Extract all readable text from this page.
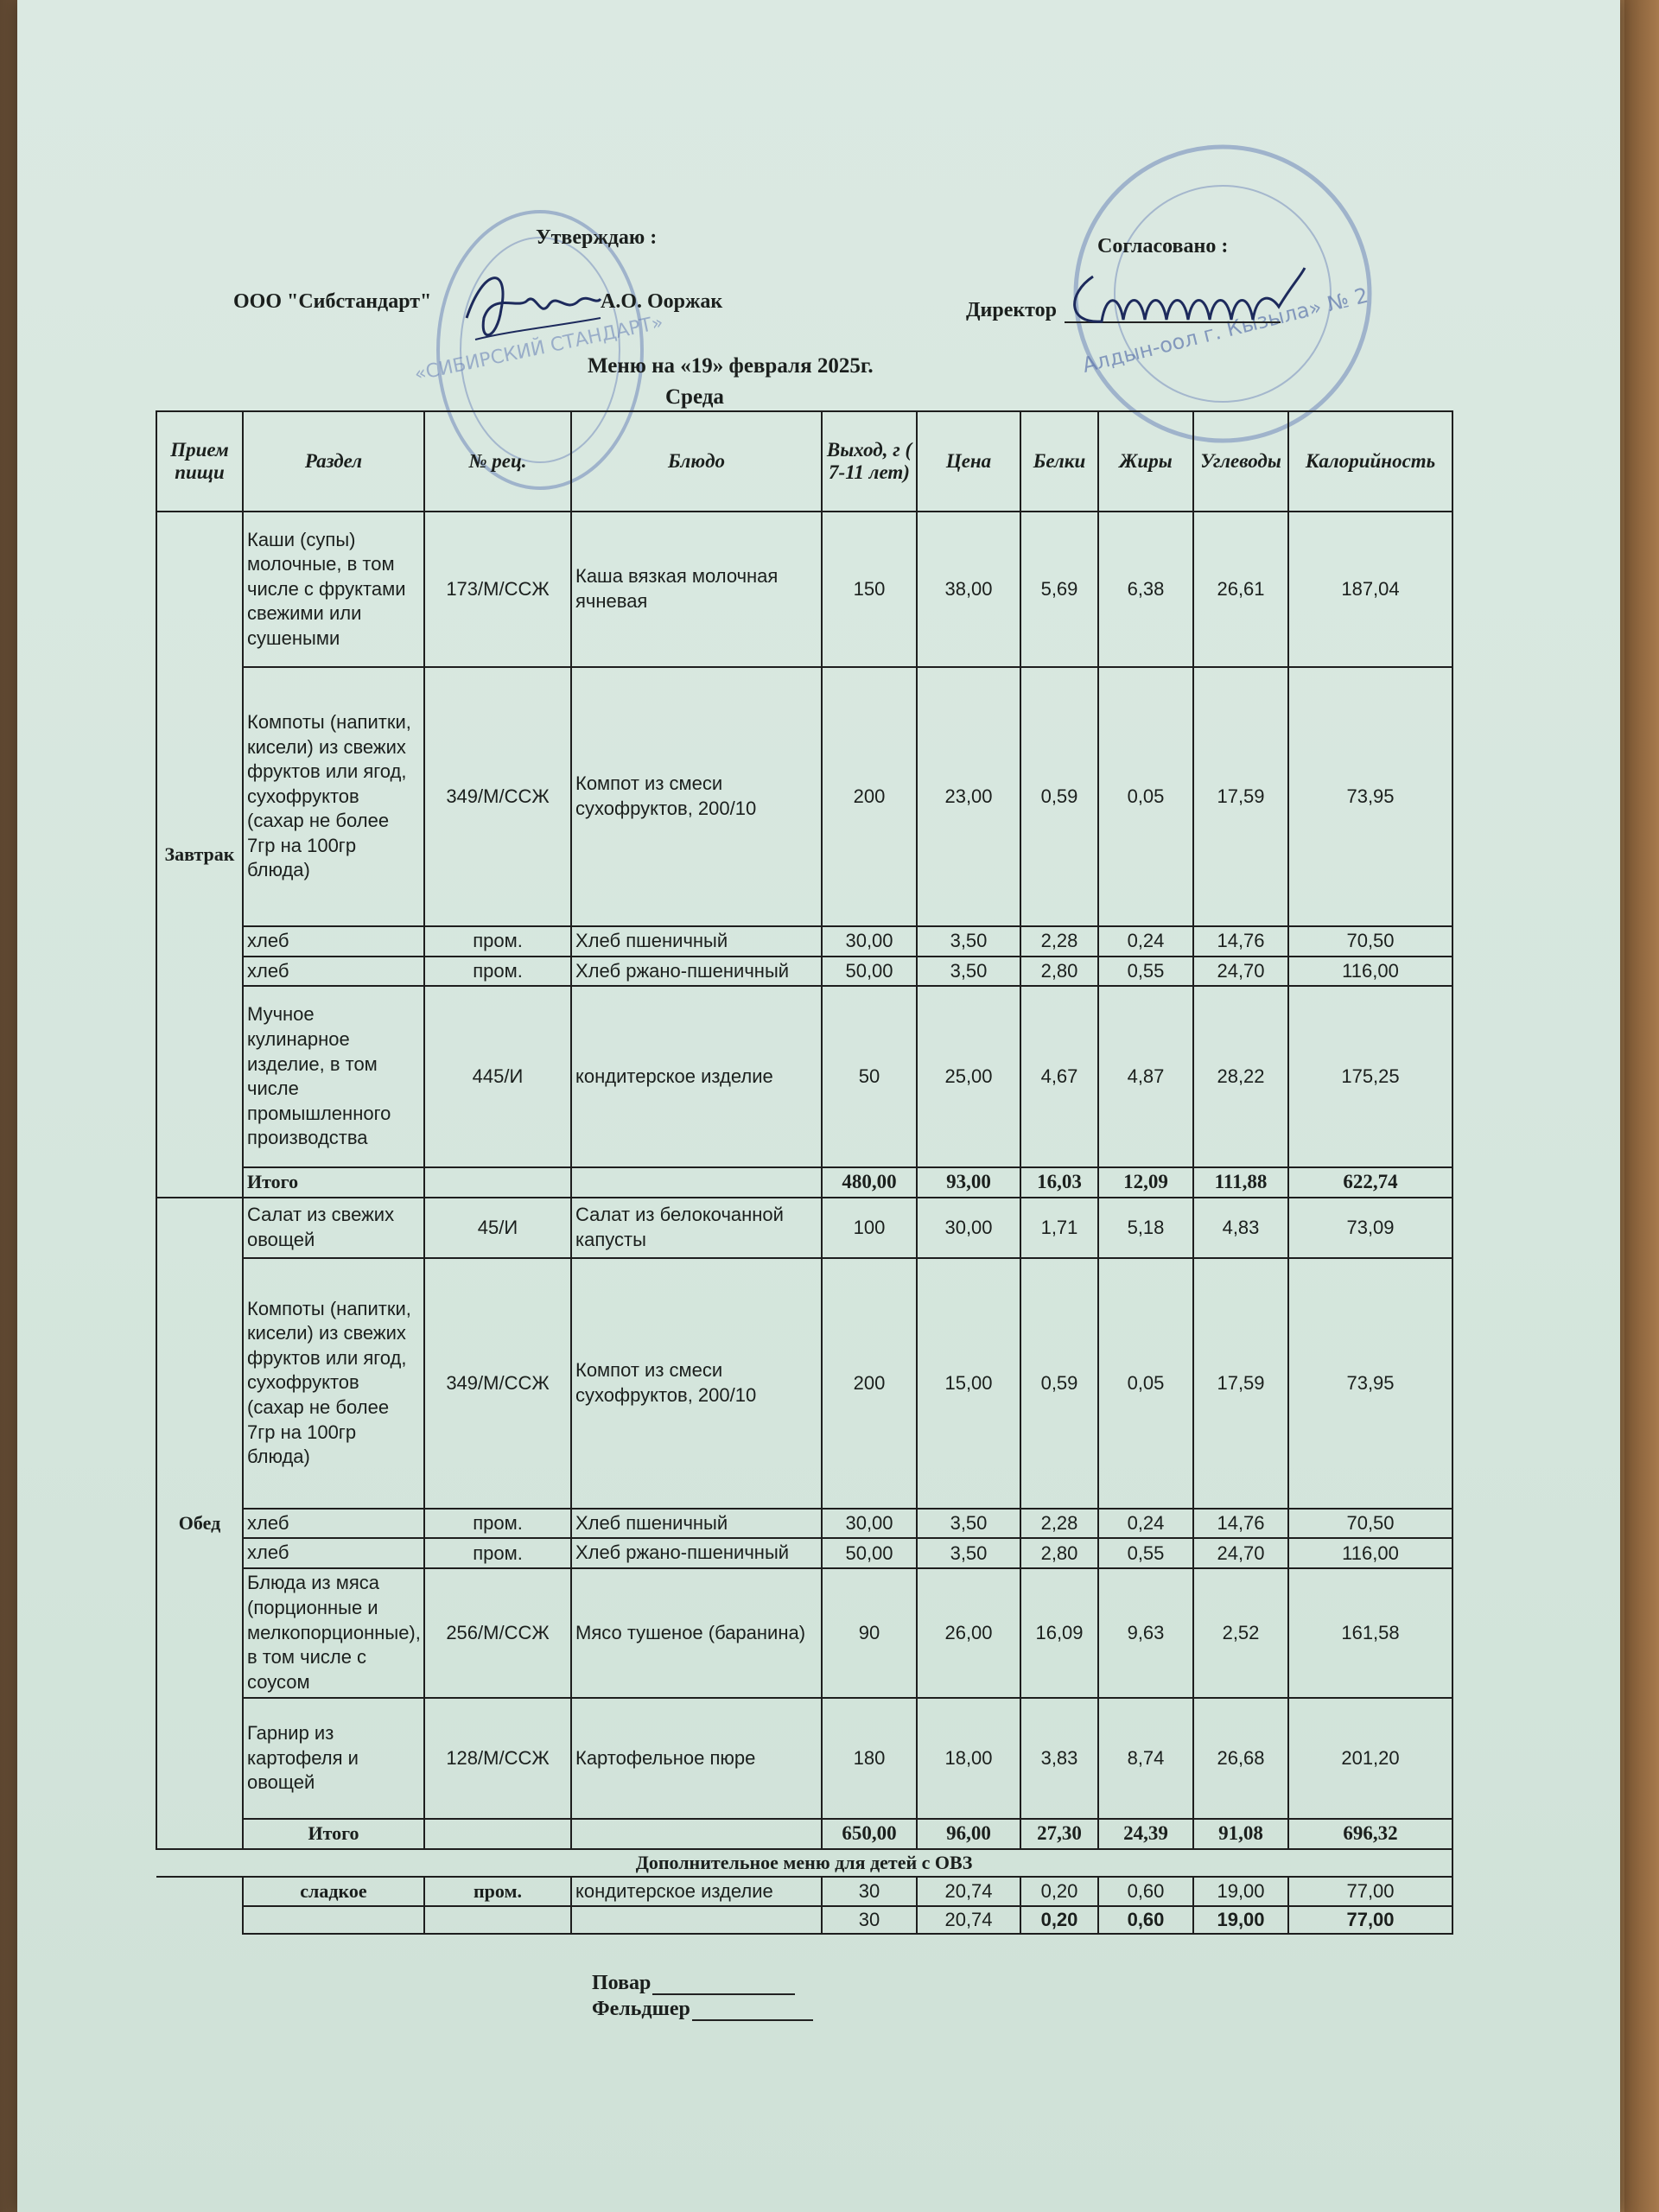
«СИБИРСКИЙ СТАНДАРТ»	Алдын-оол г. Кызыла» № 2
Утверждаю :
ООО "Сибстандарт"	А.О. Ооржак
Согласовано :
Директор
Меню на «19» февраля 2025г.
Среда
Прием пищи	Раздел	№ рец.	Блюдо	Выход, г ( 7-11 лет)	Цена	Белки	Жиры	Углеводы	Калорийность
Завтрак	Каши (супы) молочные, в том числе с фруктами свежими или сушеными	173/М/ССЖ	Каша вязкая молочная ячневая	150	38,00	5,69	6,38	26,61	187,04
	Компоты (напитки, кисели) из свежих фруктов или ягод, сухофруктов (сахар не более 7гр на 100гр блюда)	349/М/ССЖ	Компот из смеси сухофруктов, 200/10	200	23,00	0,59	0,05	17,59	73,95
	хлеб	пром.	Хлеб пшеничный	30,00	3,50	2,28	0,24	14,76	70,50
	хлеб	пром.	Хлеб ржано-пшеничный	50,00	3,50	2,80	0,55	24,70	116,00
	Мучное кулинарное изделие, в том числе промышленного производства	445/И	кондитерское изделие	50	25,00	4,67	4,87	28,22	175,25
	Итого			480,00	93,00	16,03	12,09	111,88	622,74
Обед	Салат из свежих овощей	45/И	Салат из белокочанной капусты	100	30,00	1,71	5,18	4,83	73,09
	Компоты (напитки, кисели) из свежих фруктов или ягод, сухофруктов (сахар не более 7гр на 100гр блюда)	349/М/ССЖ	Компот из смеси сухофруктов, 200/10	200	15,00	0,59	0,05	17,59	73,95
	хлеб	пром.	Хлеб пшеничный	30,00	3,50	2,28	0,24	14,76	70,50
	хлеб	пром.	Хлеб ржано-пшеничный	50,00	3,50	2,80	0,55	24,70	116,00
	Блюда из мяса (порционные и мелкопорционные), в том числе с соусом	256/М/ССЖ	Мясо тушеное (баранина)	90	26,00	16,09	9,63	2,52	161,58
	Гарнир из картофеля и овощей	128/М/ССЖ	Картофельное пюре	180	18,00	3,83	8,74	26,68	201,20
	Итого			650,00	96,00	27,30	24,39	91,08	696,32
Дополнительное меню для детей с ОВЗ									
	сладкое	пром.	кондитерское изделие	30	20,74	0,20	0,60	19,00	77,00
				30	20,74	0,20	0,60	19,00	77,00
Повар
Фельдшер
